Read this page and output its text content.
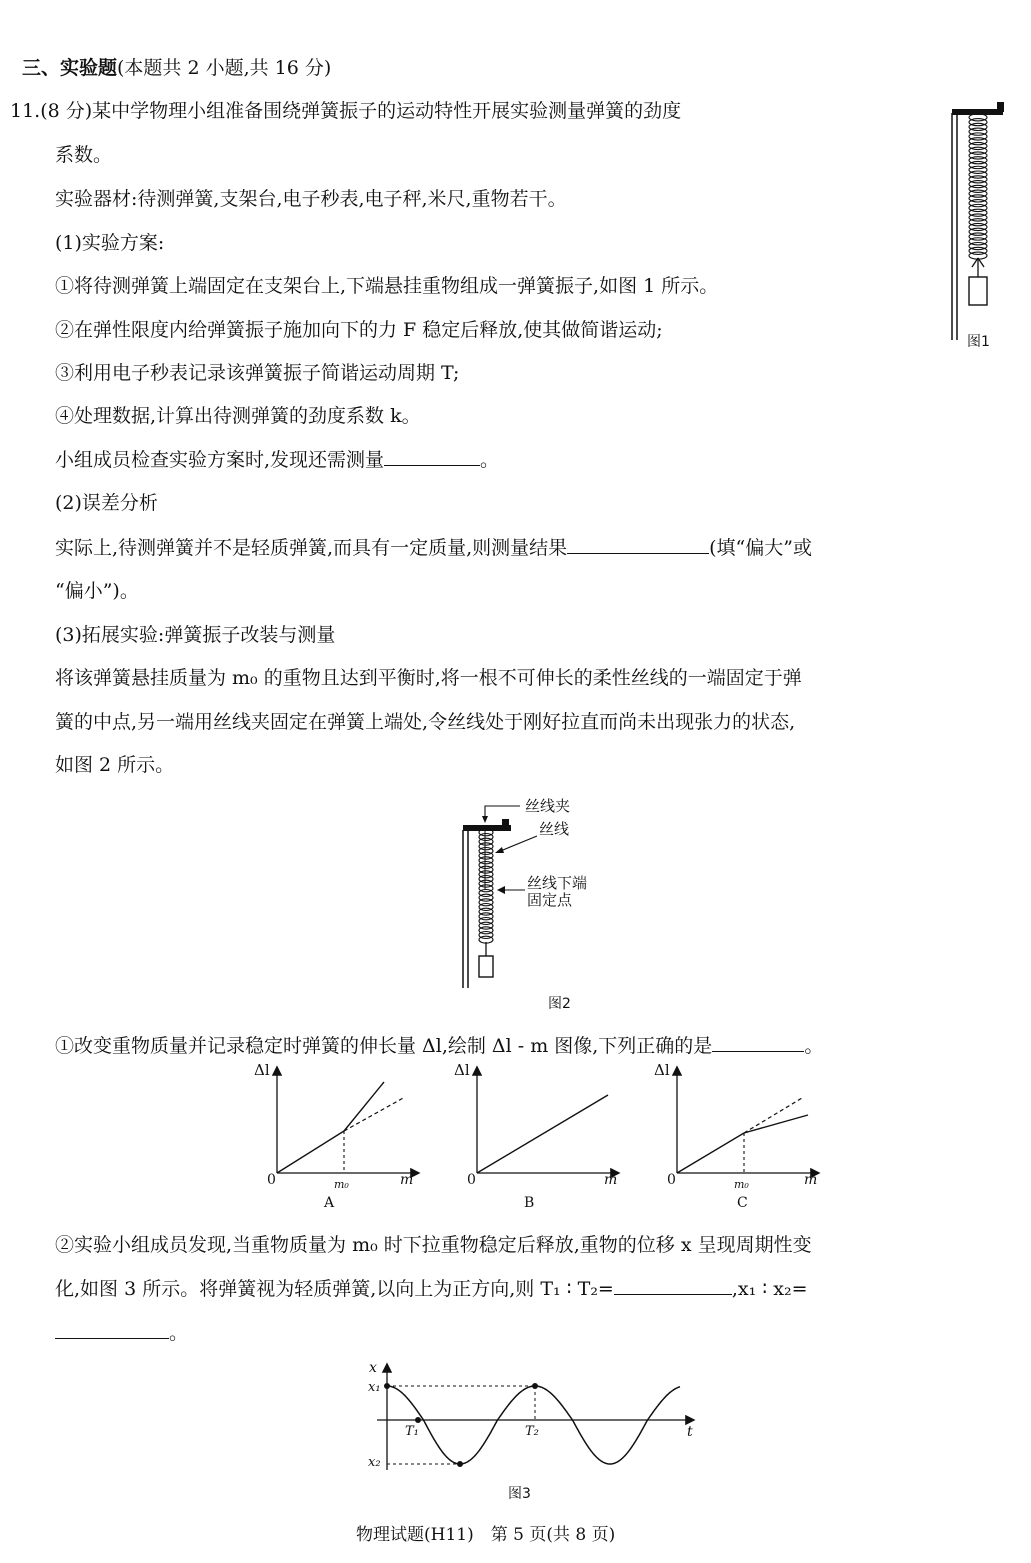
三、实验题(本题共 2 小题,共 16 分)
11.(8 分)某中学物理小组准备围绕弹簧振子的运动特性开展实验测量弹簧的劲度
系数。
实验器材:待测弹簧,支架台,电子秒表,电子秤,米尺,重物若干。
(1)实验方案:
①将待测弹簧上端固定在支架台上,下端悬挂重物组成一弹簧振子,如图 1 所示。
②在弹性限度内给弹簧振子施加向下的力 F 稳定后释放,使其做简谐运动;
③利用电子秒表记录该弹簧振子简谐运动周期 T;
④处理数据,计算出待测弹簧的劲度系数 k。
小组成员检查实验方案时,发现还需测量	。
(2)误差分析
实际上,待测弹簧并不是轻质弹簧,而具有一定质量,则测量结果	(填“偏大”或
“偏小”)。
(3)拓展实验:弹簧振子改装与测量
将该弹簧悬挂质量为 m₀ 的重物且达到平衡时,将一根不可伸长的柔性丝线的一端固定于弹
簧的中点,另一端用丝线夹固定在弹簧上端处,令丝线处于刚好拉直而尚未出现张力的状态,
如图 2 所示。
①改变重物质量并记录稳定时弹簧的伸长量 Δl,绘制 Δl - m 图像,下列正确的是	。
②实验小组成员发现,当重物质量为 m₀ 时下拉重物稳定后释放,重物的位移 x 呈现周期性变
化,如图 3 所示。将弹簧视为轻质弹簧,以向上为正方向,则 T₁ ∶ T₂=	,x₁ ∶ x₂=
。
图1
丝线夹
丝线
丝线下端
固定点
图2
Δl
m
0	m₀
A
Δl
m
0
B
Δl
m
0	m₀
C
x
t
x₁
x₂
T₁	T₂
图3
物理试题(H11)　第 5 页(共 8 页)
